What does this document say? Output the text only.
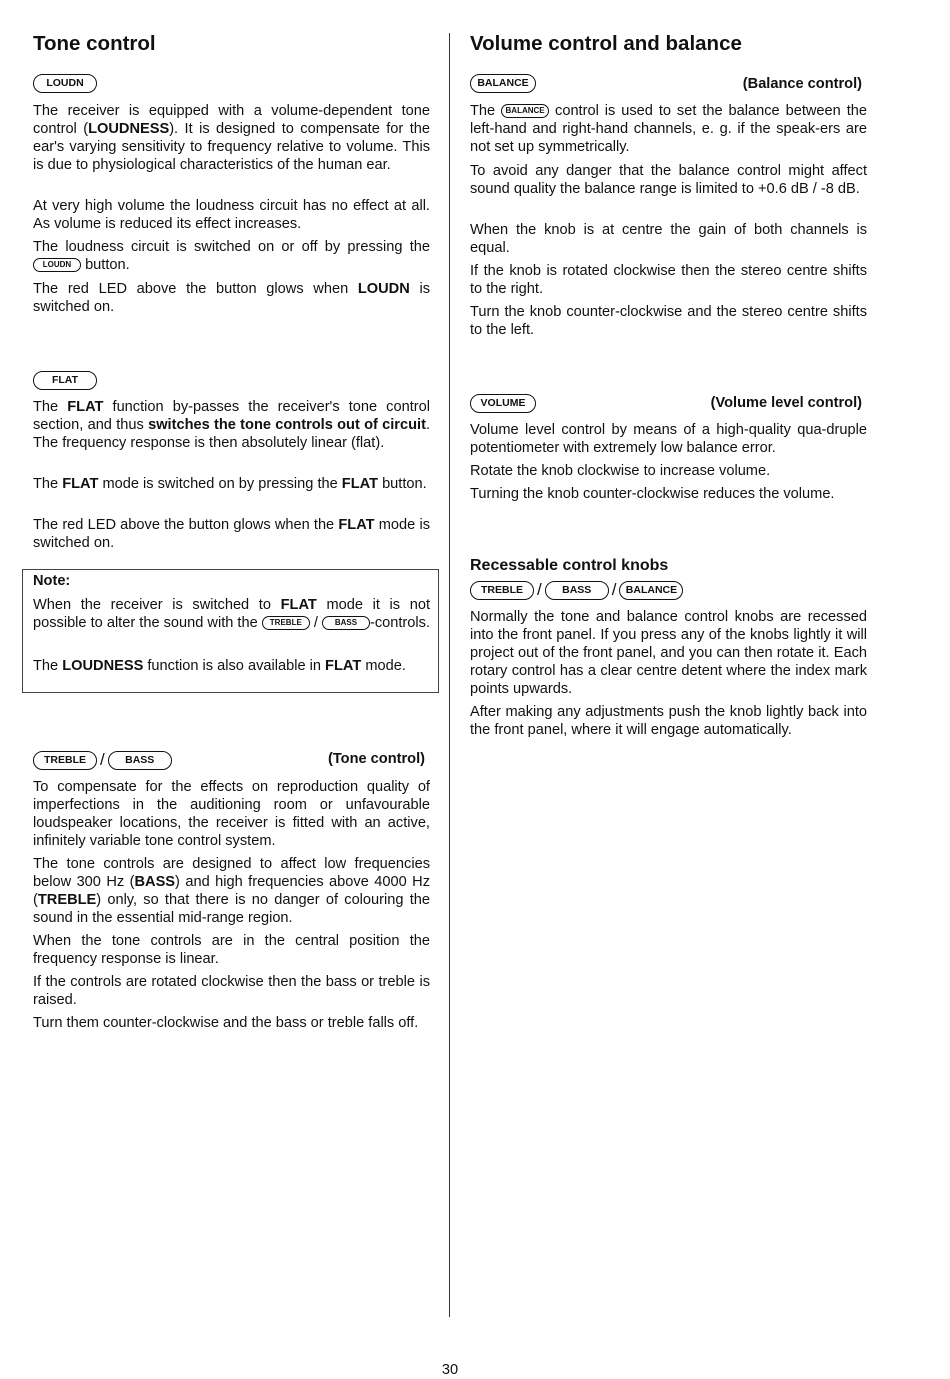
Tone control
LOUDN
The receiver is equipped with a volume-dependent tone control (LOUDNESS). It is designed to compensate for the ear's varying sensitivity to frequency relative to volume. This is due to physiological characteristics of the human ear.
At very high volume the loudness circuit has no effect at all. As volume is reduced its effect increases.
The loudness circuit is switched on or off by pressing the LOUDN button.
The red LED above the button glows when LOUDN is switched on.
FLAT
The FLAT function by-passes the receiver's tone control section, and thus switches the tone controls out of circuit. The frequency response is then absolutely linear (flat).
The FLAT mode is switched on by pressing the FLAT button.
The red LED above the button glows when the FLAT mode is switched on.
Note:
When the receiver is switched to FLAT mode it is not possible to alter the sound with the TREBLE / BASS -controls.
The LOUDNESS function is also available in FLAT mode.
TREBLE / BASS	(Tone control)
To compensate for the effects on reproduction quality of imperfections in the auditioning room or unfavourable loudspeaker locations, the receiver is fitted with an active, infinitely variable tone control system.
The tone controls are designed to affect low frequencies below 300 Hz (BASS) and high frequencies above 4000 Hz (TREBLE) only, so that there is no danger of colouring the sound in the essential mid-range region.
When the tone controls are in the central position the frequency response is linear.
If the controls are rotated clockwise then the bass or treble is raised.
Turn them counter-clockwise and the bass or treble falls off.
Volume control and balance
BALANCE	(Balance control)
The BALANCE control is used to set the balance between the left-hand and right-hand channels, e. g. if the speak-ers are not set up symmetrically.
To avoid any danger that the balance control might affect sound quality the balance range is limited to +0.6 dB / -8 dB.
When the knob is at centre the gain of both channels is equal.
If the knob is rotated clockwise then the stereo centre shifts to the right.
Turn the knob counter-clockwise and the stereo centre shifts to the left.
VOLUME	(Volume level control)
Volume level control by means of a high-quality qua-druple potentiometer with extremely low balance error.
Rotate the knob clockwise to increase volume.
Turning the knob counter-clockwise reduces the volume.
Recessable control knobs
TREBLE / BASS / BALANCE
Normally the tone and balance control knobs are recessed into the front panel. If you press any of the knobs lightly it will project out of the front panel, and you can then rotate it. Each rotary control has a clear centre detent where the index mark points upwards.
After making any adjustments push the knob lightly back into the front panel, where it will engage automatically.
30
